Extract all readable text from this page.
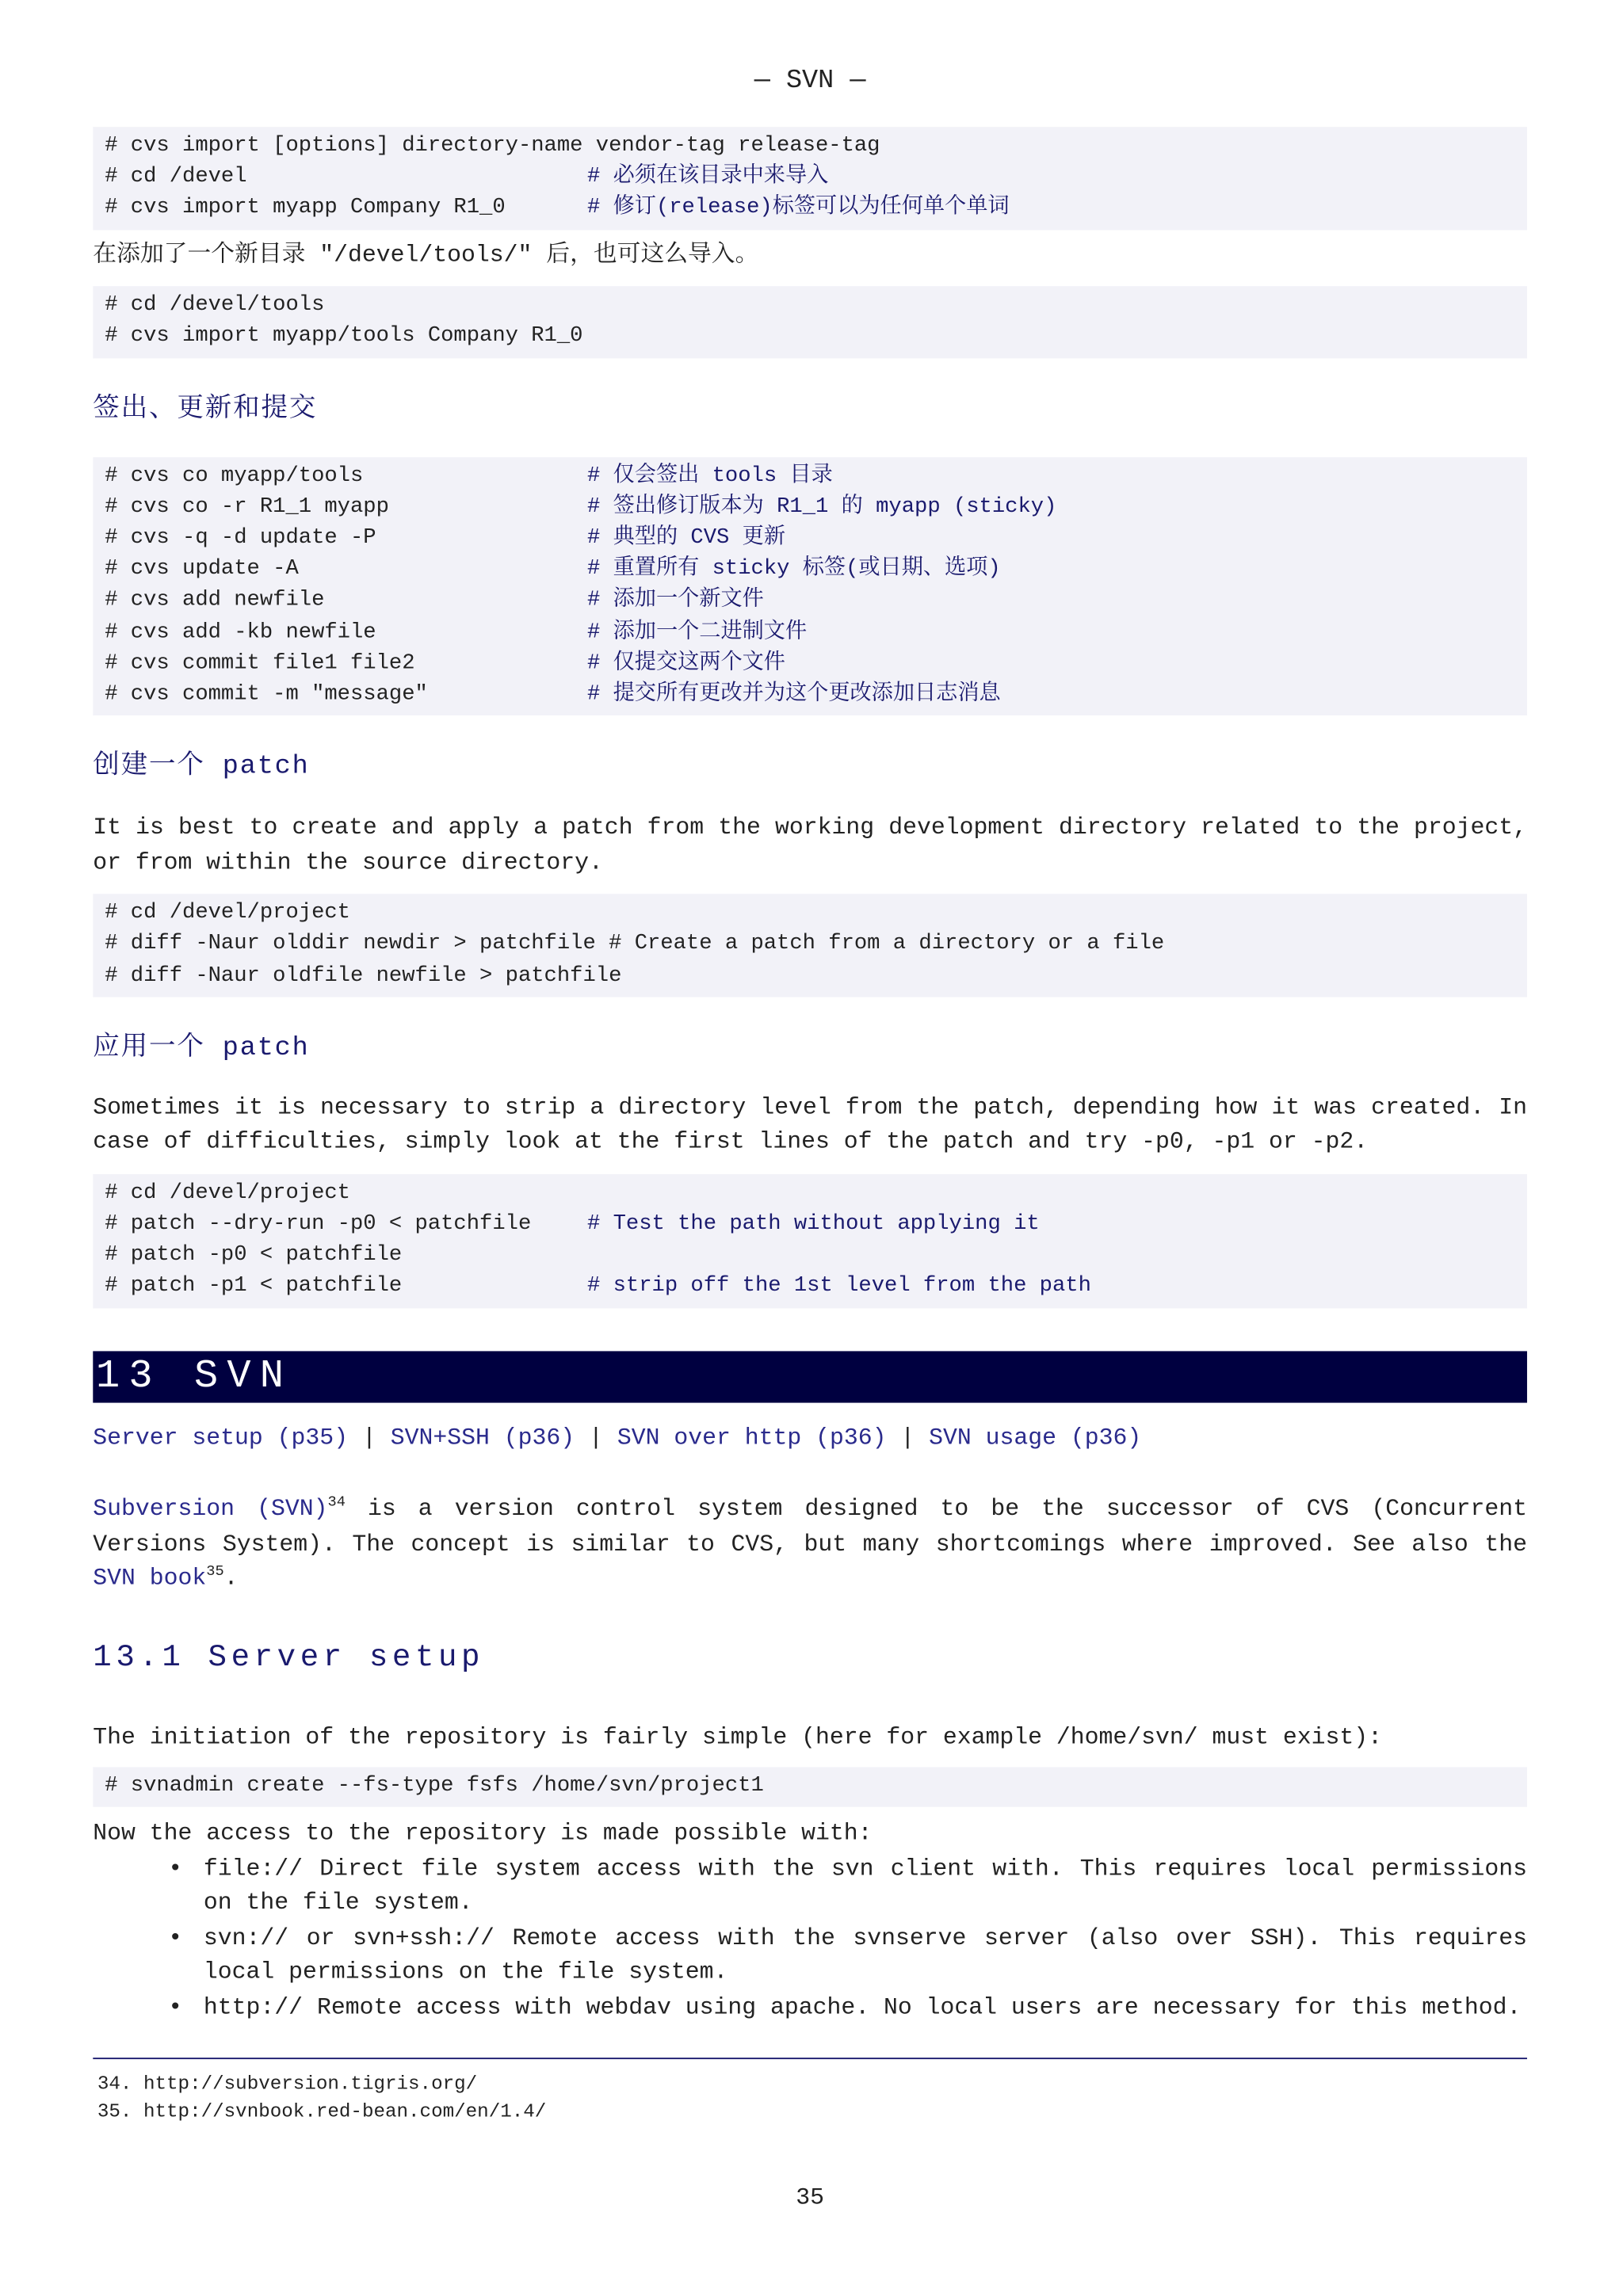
— SVN —
# cvs import [options] directory-name vendor-tag release-tag
# cd /devel	# 必须在该目录中来导入
# cvs import myapp Company R1_0	# 修订(release)标签可以为任何单个单词
在添加了一个新目录 ″/devel/tools/″ 后，也可这么导入。
# cd /devel/tools
# cvs import myapp/tools Company R1_0
签出、更新和提交
# cvs co myapp/tools	# 仅会签出 tools 目录
# cvs co -r R1_1 myapp	# 签出修订版本为 R1_1 的 myapp (sticky)
# cvs -q -d update -P	# 典型的 CVS 更新
# cvs update -A	# 重置所有 sticky 标签(或日期、选项)
# cvs add newfile	# 添加一个新文件
# cvs add -kb newfile	# 添加一个二进制文件
# cvs commit file1 file2	# 仅提交这两个文件
# cvs commit -m ″message″	# 提交所有更改并为这个更改添加日志消息
创建一个 patch
It is best to create and apply a patch from the working development directory related to the project, or from within the source directory.
# cd /devel/project
# diff -Naur olddir newdir > patchfile # Create a patch from a directory or a file
# diff -Naur oldfile newfile > patchfile
应用一个 patch
Sometimes it is necessary to strip a directory level from the patch, depending how it was created. In case of difficulties, simply look at the first lines of the patch and try -p0, -p1 or -p2.
# cd /devel/project
# patch --dry-run -p0 < patchfile	# Test the path without applying it
# patch -p0 < patchfile
# patch -p1 < patchfile	# strip off the 1st level from the path
13 SVN
Server setup (p35) | SVN+SSH (p36) | SVN over http (p36) | SVN usage (p36)
Subversion (SVN)$^{34}$ is a version control system designed to be the successor of CVS (Concurrent Versions System). The concept is similar to CVS, but many shortcomings where improved. See also the SVN book$^{35}$.
13.1 Server setup
The initiation of the repository is fairly simple (here for example /home/svn/ must exist):
# svnadmin create --fs-type fsfs /home/svn/project1
Now the access to the repository is made possible with:
• file:// Direct file system access with the svn client with. This requires local permissions on the file system.
• svn:// or svn+ssh:// Remote access with the svnserve server (also over SSH). This requires local permissions on the file system.
• http:// Remote access with webdav using apache. No local users are necessary for this method.
34. http://subversion.tigris.org/
35. http://svnbook.red-bean.com/en/1.4/
35
